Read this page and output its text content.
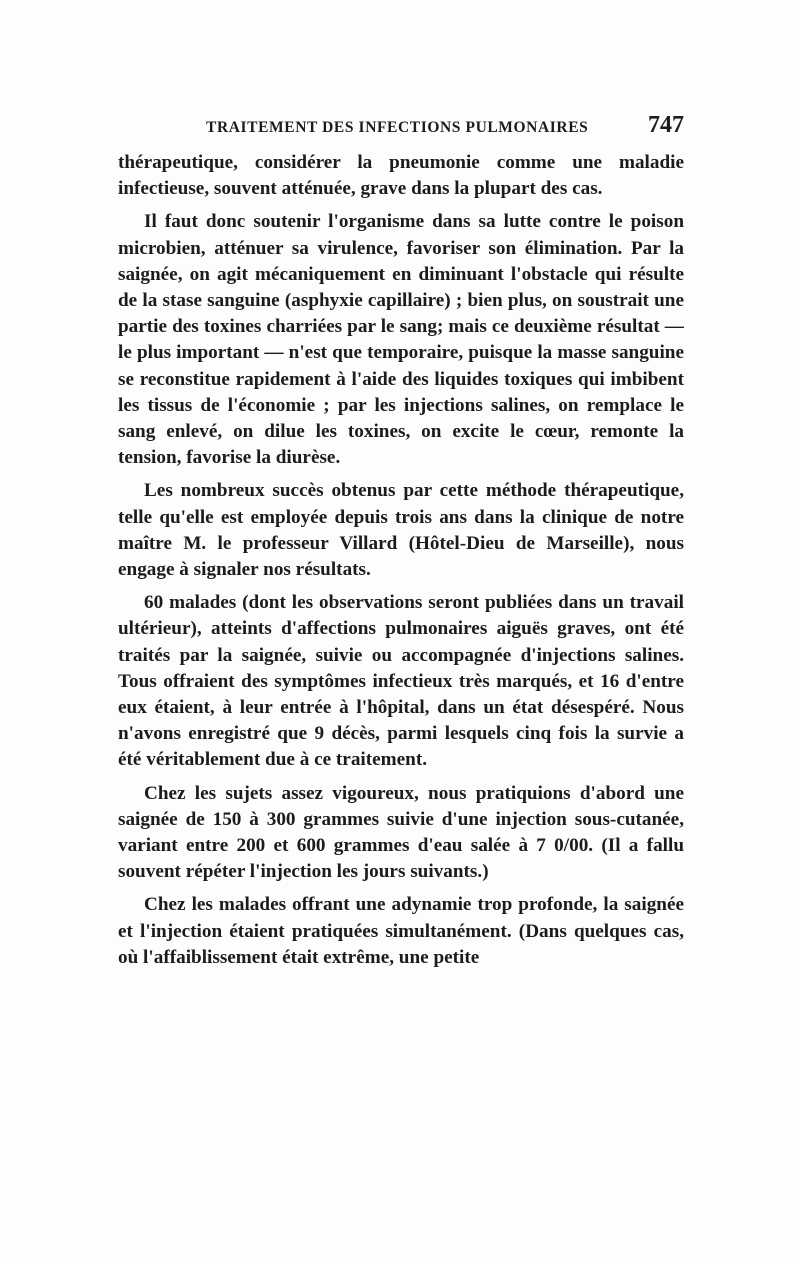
TRAITEMENT DES INFECTIONS PULMONAIRES 747

thérapeutique, considérer la pneumonie comme une maladie infectieuse, souvent atténuée, grave dans la plupart des cas.

Il faut donc soutenir l'organisme dans sa lutte contre le poison microbien, atténuer sa virulence, favoriser son élimination. Par la saignée, on agit mécaniquement en diminuant l'obstacle qui résulte de la stase sanguine (asphyxie capillaire) ; bien plus, on soustrait une partie des toxines charriées par le sang; mais ce deuxième résultat — le plus important — n'est que temporaire, puisque la masse sanguine se reconstitue rapidement à l'aide des liquides toxiques qui imbibent les tissus de l'économie ; par les injections salines, on remplace le sang enlevé, on dilue les toxines, on excite le cœur, remonte la tension, favorise la diurèse.

Les nombreux succès obtenus par cette méthode thérapeutique, telle qu'elle est employée depuis trois ans dans la clinique de notre maître M. le professeur Villard (Hôtel-Dieu de Marseille), nous engage à signaler nos résultats.

60 malades (dont les observations seront publiées dans un travail ultérieur), atteints d'affections pulmonaires aiguës graves, ont été traités par la saignée, suivie ou accompagnée d'injections salines. Tous offraient des symptômes infectieux très marqués, et 16 d'entre eux étaient, à leur entrée à l'hôpital, dans un état désespéré. Nous n'avons enregistré que 9 décès, parmi lesquels cinq fois la survie a été véritablement due à ce traitement.

Chez les sujets assez vigoureux, nous pratiquions d'abord une saignée de 150 à 300 grammes suivie d'une injection sous-cutanée, variant entre 200 et 600 grammes d'eau salée à 7 0/00. (Il a fallu souvent répéter l'injection les jours suivants.)

Chez les malades offrant une adynamie trop profonde, la saignée et l'injection étaient pratiquées simultanément. (Dans quelques cas, où l'affaiblissement était extrême, une petite
